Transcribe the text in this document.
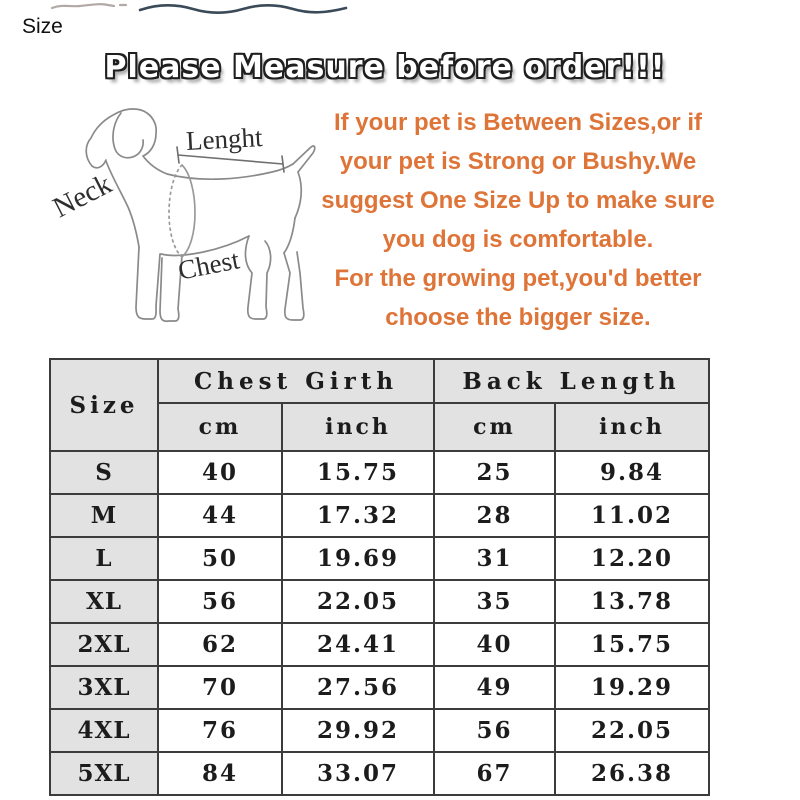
Size
Please Measure before order!!!
Neck
Lenght
Chest
If your pet is Between Sizes,or if
your pet is Strong or Bushy.We
suggest One Size Up to make sure
you dog is comfortable.
For the growing pet,you'd better
choose the bigger size.
Size	Chest Girth		Back Length	
	cm	inch	cm	inch
S	40	15.75	25	9.84
M	44	17.32	28	11.02
L	50	19.69	31	12.20
XL	56	22.05	35	13.78
2XL	62	24.41	40	15.75
3XL	70	27.56	49	19.29
4XL	76	29.92	56	22.05
5XL	84	33.07	67	26.38
